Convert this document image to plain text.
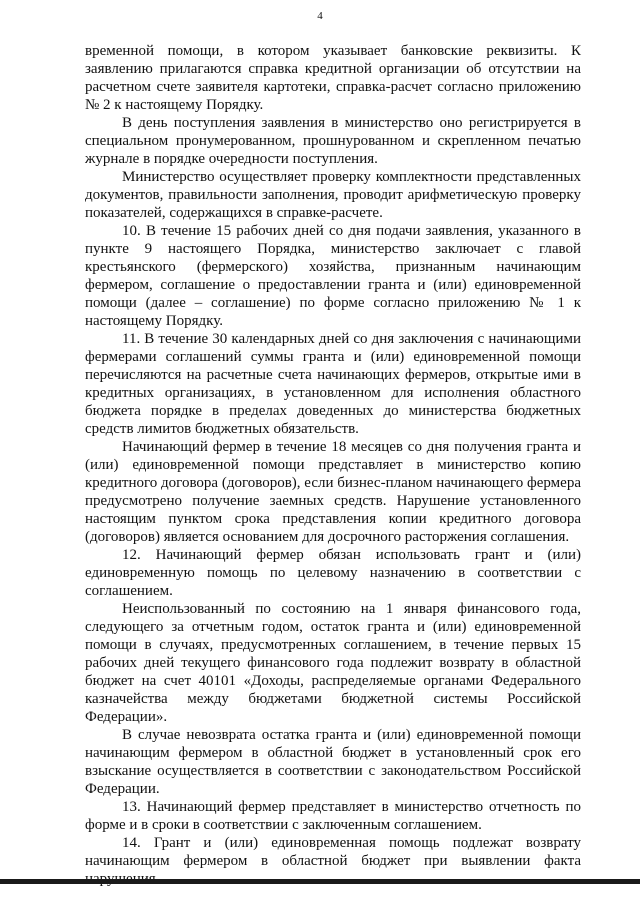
4

временной помощи, в котором указывает банковские реквизиты. К заявлению прилагаются справка кредитной организации об отсутствии на расчетном счете заявителя картотеки, справка-расчет согласно приложению № 2 к настоящему Порядку.

В день поступления заявления в министерство оно регистрируется в специальном пронумерованном, прошнурованном и скрепленном печатью журнале в порядке очередности поступления.

Министерство осуществляет проверку комплектности представленных документов, правильности заполнения, проводит арифметическую проверку показателей, содержащихся в справке-расчете.

10. В течение 15 рабочих дней со дня подачи заявления, указанного в пункте 9 настоящего Порядка, министерство заключает с главой крестьянского (фермерского) хозяйства, признанным начинающим фермером, соглашение о предоставлении гранта и (или) единовременной помощи (далее – соглашение) по форме согласно приложению № 1 к настоящему Порядку.

11. В течение 30 календарных дней со дня заключения с начинающими фермерами соглашений суммы гранта и (или) единовременной помощи перечисляются на расчетные счета начинающих фермеров, открытые ими в кредитных организациях, в установленном для исполнения областного бюджета порядке в пределах доведенных до министерства бюджетных средств лимитов бюджетных обязательств.

Начинающий фермер в течение 18 месяцев со дня получения гранта и (или) единовременной помощи представляет в министерство копию кредитного договора (договоров), если бизнес-планом начинающего фермера предусмотрено получение заемных средств. Нарушение установленного настоящим пунктом срока представления копии кредитного договора (договоров) является основанием для досрочного расторжения соглашения.

12. Начинающий фермер обязан использовать грант и (или) единовременную помощь по целевому назначению в соответствии с соглашением.

Неиспользованный по состоянию на 1 января финансового года, следующего за отчетным годом, остаток гранта и (или) единовременной помощи в случаях, предусмотренных соглашением, в течение первых 15 рабочих дней текущего финансового года подлежит возврату в областной бюджет на счет 40101 «Доходы, распределяемые органами Федерального казначейства между бюджетами бюджетной системы Российской Федерации».

В случае невозврата остатка гранта и (или) единовременной помощи начинающим фермером в областной бюджет в установленный срок его взыскание осуществляется в соответствии с законодательством Российской Федерации.

13. Начинающий фермер представляет в министерство отчетность по форме и в сроки в соответствии с заключенным соглашением.

14. Грант и (или) единовременная помощь подлежат возврату начинающим фермером в областной бюджет при выявлении факта
